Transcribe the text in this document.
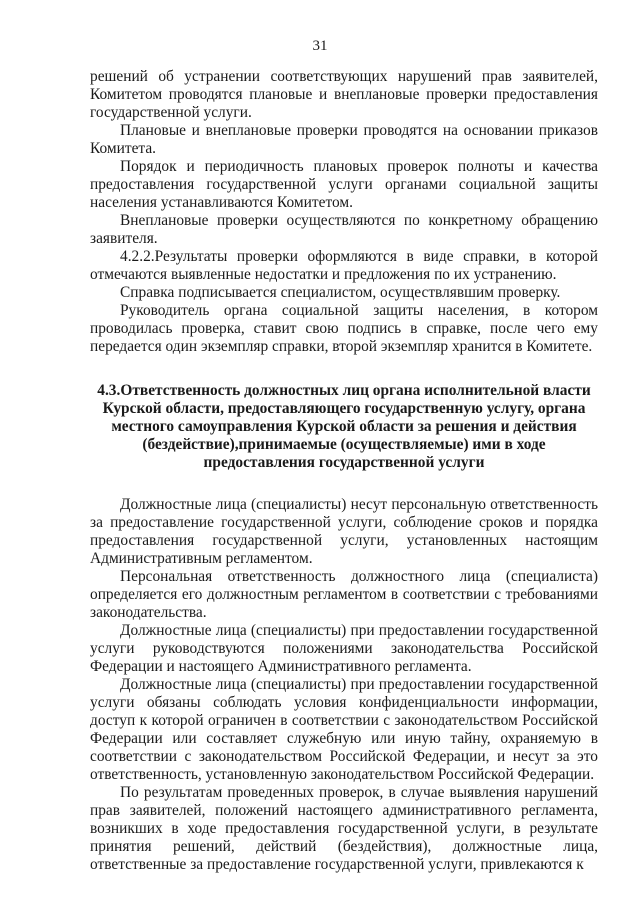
31

решений об устранении соответствующих нарушений прав заявителей, Комитетом проводятся плановые и внеплановые проверки предоставления государственной услуги.

Плановые и внеплановые проверки проводятся на основании приказов Комитета.

Порядок и периодичность плановых проверок полноты и качества предоставления государственной услуги органами социальной защиты населения устанавливаются Комитетом.

Внеплановые проверки осуществляются по конкретному обращению заявителя.

4.2.2.Результаты проверки оформляются в виде справки, в которой отмечаются выявленные недостатки и предложения по их устранению.

Справка подписывается специалистом, осуществлявшим проверку.

Руководитель органа социальной защиты населения, в котором проводилась проверка, ставит свою подпись в справке, после чего ему передается один экземпляр справки, второй экземпляр хранится в Комитете.

4.3.Ответственность должностных лиц органа исполнительной власти Курской области, предоставляющего государственную услугу, органа местного самоуправления Курской области за решения и действия (бездействие),принимаемые (осуществляемые) ими в ходе предоставления государственной услуги

Должностные лица (специалисты) несут персональную ответственность за предоставление государственной услуги, соблюдение сроков и порядка предоставления государственной услуги, установленных настоящим Административным регламентом.

Персональная ответственность должностного лица (специалиста) определяется его должностным регламентом в соответствии с требованиями законодательства.

Должностные лица (специалисты) при предоставлении государственной услуги руководствуются положениями законодательства Российской Федерации и настоящего Административного регламента.

Должностные лица (специалисты) при предоставлении государственной услуги обязаны соблюдать условия конфиденциальности информации, доступ к которой ограничен в соответствии с законодательством Российской Федерации или составляет служебную или иную тайну, охраняемую в соответствии с законодательством Российской Федерации, и несут за это ответственность, установленную законодательством Российской Федерации.

По результатам проведенных проверок, в случае выявления нарушений прав заявителей, положений настоящего административного регламента, возникших в ходе предоставления государственной услуги, в результате принятия решений, действий (бездействия), должностные лица, ответственные за предоставление государственной услуги, привлекаются к
